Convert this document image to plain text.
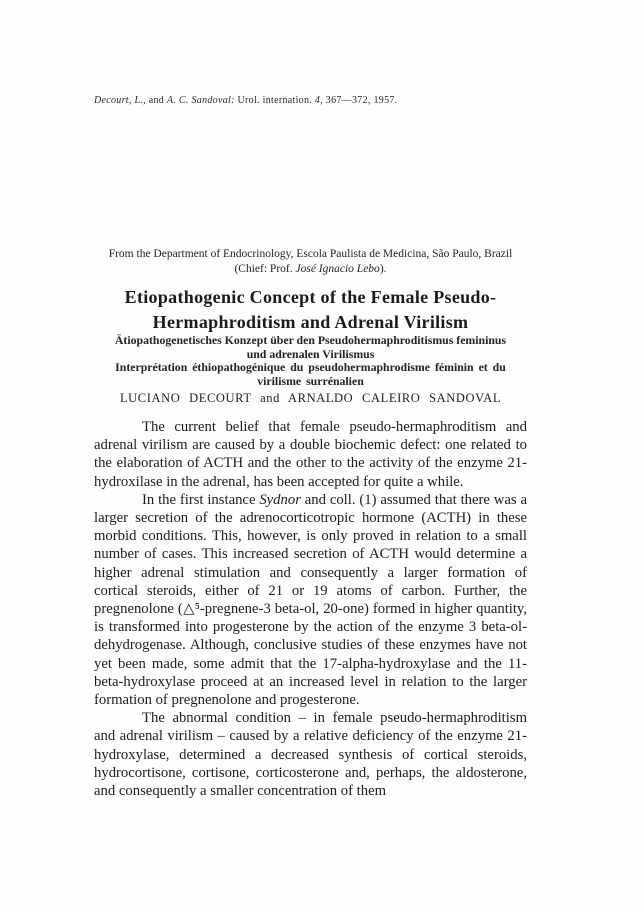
Decourt, L., and A. C. Sandoval: Urol. internation. 4, 367—372, 1957.
From the Department of Endocrinology, Escola Paulista de Medicina, São Paulo, Brazil
(Chief: Prof. José Ignacio Lebo).
Etiopathogenic Concept of the Female Pseudo-
Hermaphroditism and Adrenal Virilism
Ätiopathogenetisches Konzept über den Pseudohermaphroditismus femininus
und adrenalen Virilismus
Interprétation éthiopathogénique du pseudohermaphrodisme féminin et du
virilisme surrénalien
LUCIANO DECOURT and ARNALDO CALEIRO SANDOVAL

The current belief that female pseudo-hermaphroditism and adrenal virilism are caused by a double biochemic defect: one related to the elaboration of ACTH and the other to the activity of the enzyme 21-hydroxilase in the adrenal, has been accepted for quite a while.

In the first instance Sydnor and coll. (1) assumed that there was a larger secretion of the adrenocorticotropic hormone (ACTH) in these morbid conditions. This, however, is only proved in relation to a small number of cases. This increased secretion of ACTH would determine a higher adrenal stimulation and consequently a larger formation of cortical steroids, either of 21 or 19 atoms of carbon. Further, the pregnenolone (△⁵-pregnene-3 beta-ol, 20-one) formed in higher quantity, is transformed into progesterone by the action of the enzyme 3 beta-ol-dehydrogenase. Although, conclusive studies of these enzymes have not yet been made, some admit that the 17-alpha-hydroxylase and the 11-beta-hydroxylase proceed at an increased level in relation to the larger formation of pregnenolone and progesterone.

The abnormal condition – in female pseudo-hermaphroditism and adrenal virilism – caused by a relative deficiency of the enzyme 21-hydroxylase, determined a decreased synthesis of cortical steroids, hydrocortisone, cortisone, corticosterone and, perhaps, the aldosterone, and consequently a smaller concentration of them
